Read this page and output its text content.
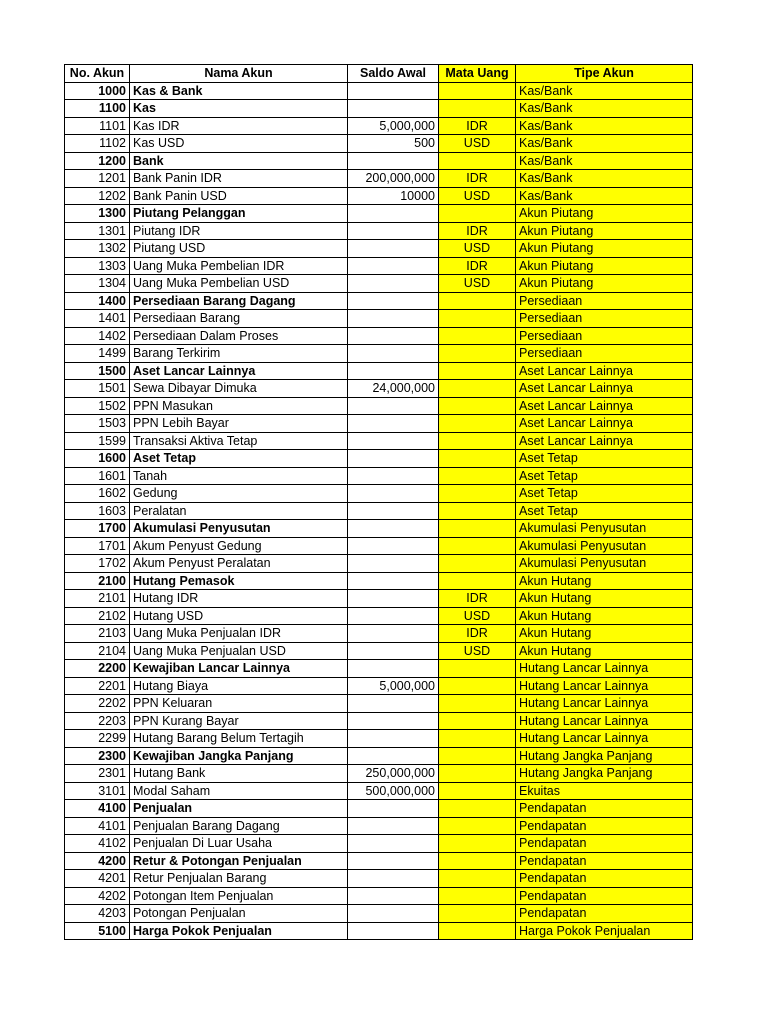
No. Akun	Nama Akun	Saldo Awal	Mata Uang	Tipe Akun
1000	Kas & Bank			Kas/Bank
1100	Kas			Kas/Bank
1101	Kas IDR	5,000,000	IDR	Kas/Bank
1102	Kas USD	500	USD	Kas/Bank
1200	Bank			Kas/Bank
1201	Bank Panin IDR	200,000,000	IDR	Kas/Bank
1202	Bank Panin USD	10000	USD	Kas/Bank
1300	Piutang Pelanggan			Akun Piutang
1301	Piutang IDR		IDR	Akun Piutang
1302	Piutang USD		USD	Akun Piutang
1303	Uang Muka Pembelian IDR		IDR	Akun Piutang
1304	Uang Muka Pembelian USD		USD	Akun Piutang
1400	Persediaan Barang Dagang			Persediaan
1401	Persediaan Barang			Persediaan
1402	Persediaan Dalam Proses			Persediaan
1499	Barang Terkirim			Persediaan
1500	Aset Lancar Lainnya			Aset Lancar Lainnya
1501	Sewa Dibayar Dimuka	24,000,000		Aset Lancar Lainnya
1502	PPN Masukan			Aset Lancar Lainnya
1503	PPN Lebih Bayar			Aset Lancar Lainnya
1599	Transaksi Aktiva Tetap			Aset Lancar Lainnya
1600	Aset Tetap			Aset Tetap
1601	Tanah			Aset Tetap
1602	Gedung			Aset Tetap
1603	Peralatan			Aset Tetap
1700	Akumulasi Penyusutan			Akumulasi Penyusutan
1701	Akum Penyust Gedung			Akumulasi Penyusutan
1702	Akum Penyust Peralatan			Akumulasi Penyusutan
2100	Hutang Pemasok			Akun Hutang
2101	Hutang IDR		IDR	Akun Hutang
2102	Hutang USD		USD	Akun Hutang
2103	Uang Muka Penjualan IDR		IDR	Akun Hutang
2104	Uang Muka Penjualan USD		USD	Akun Hutang
2200	Kewajiban Lancar Lainnya			Hutang Lancar Lainnya
2201	Hutang Biaya	5,000,000		Hutang Lancar Lainnya
2202	PPN Keluaran			Hutang Lancar Lainnya
2203	PPN Kurang Bayar			Hutang Lancar Lainnya
2299	Hutang Barang Belum Tertagih			Hutang Lancar Lainnya
2300	Kewajiban Jangka Panjang			Hutang Jangka Panjang
2301	Hutang Bank	250,000,000		Hutang Jangka Panjang
3101	Modal Saham	500,000,000		Ekuitas
4100	Penjualan			Pendapatan
4101	Penjualan Barang Dagang			Pendapatan
4102	Penjualan Di Luar Usaha			Pendapatan
4200	Retur & Potongan Penjualan			Pendapatan
4201	Retur Penjualan Barang			Pendapatan
4202	Potongan Item Penjualan			Pendapatan
4203	Potongan Penjualan			Pendapatan
5100	Harga Pokok Penjualan			Harga Pokok Penjualan
